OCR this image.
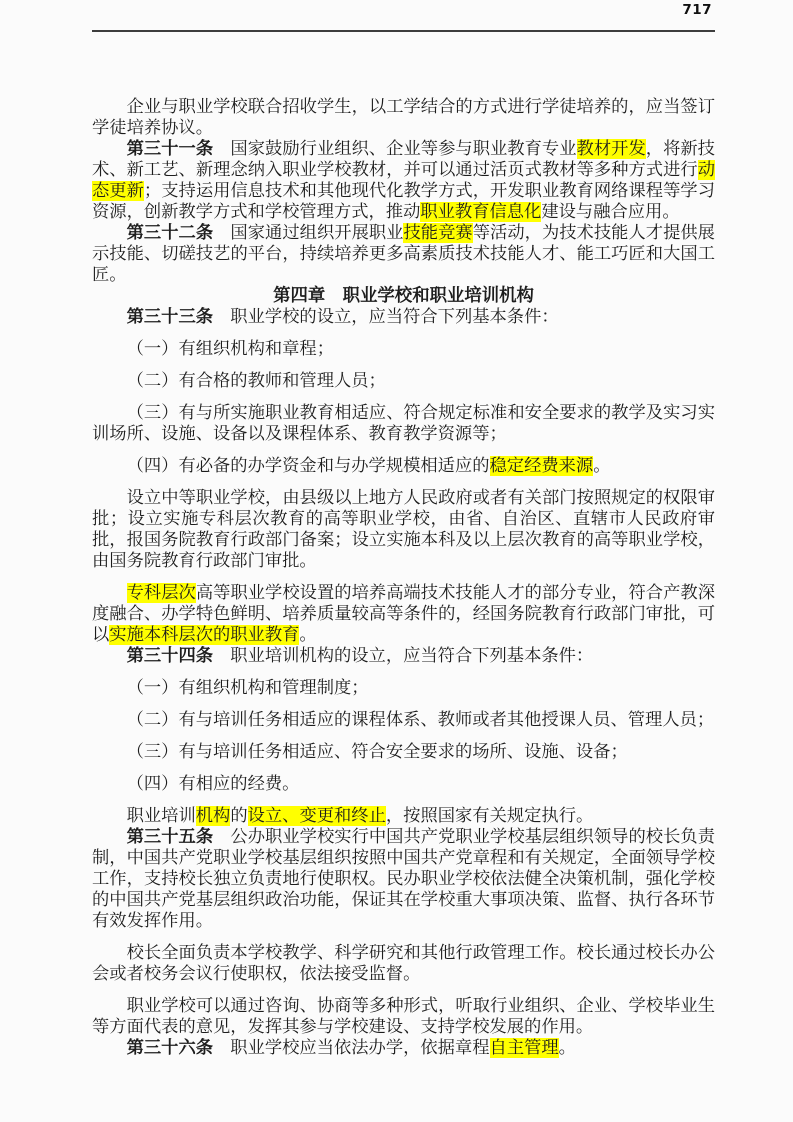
717

企业与职业学校联合招收学生，以工学结合的方式进行学徒培养的，应当签订学徒培养协议。

第三十一条　国家鼓励行业组织、企业等参与职业教育专业教材开发，将新技术、新工艺、新理念纳入职业学校教材，并可以通过活页式教材等多种方式进行动态更新；支持运用信息技术和其他现代化教学方式，开发职业教育网络课程等学习资源，创新教学方式和学校管理方式，推动职业教育信息化建设与融合应用。

第三十二条　国家通过组织开展职业技能竞赛等活动，为技术技能人才提供展示技能、切磋技艺的平台，持续培养更多高素质技术技能人才、能工巧匠和大国工匠。

第四章　职业学校和职业培训机构

第三十三条　职业学校的设立，应当符合下列基本条件：

（一）有组织机构和章程；

（二）有合格的教师和管理人员；

（三）有与所实施职业教育相适应、符合规定标准和安全要求的教学及实习实训场所、设施、设备以及课程体系、教育教学资源等；

（四）有必备的办学资金和与办学规模相适应的稳定经费来源。

设立中等职业学校，由县级以上地方人民政府或者有关部门按照规定的权限审批；设立实施专科层次教育的高等职业学校，由省、自治区、直辖市人民政府审批，报国务院教育行政部门备案；设立实施本科及以上层次教育的高等职业学校，由国务院教育行政部门审批。

专科层次高等职业学校设置的培养高端技术技能人才的部分专业，符合产教深度融合、办学特色鲜明、培养质量较高等条件的，经国务院教育行政部门审批，可以实施本科层次的职业教育。

第三十四条　职业培训机构的设立，应当符合下列基本条件：

（一）有组织机构和管理制度；

（二）有与培训任务相适应的课程体系、教师或者其他授课人员、管理人员；

（三）有与培训任务相适应、符合安全要求的场所、设施、设备；

（四）有相应的经费。

职业培训机构的设立、变更和终止，按照国家有关规定执行。

第三十五条　公办职业学校实行中国共产党职业学校基层组织领导的校长负责制，中国共产党职业学校基层组织按照中国共产党章程和有关规定，全面领导学校工作，支持校长独立负责地行使职权。民办职业学校依法健全决策机制，强化学校的中国共产党基层组织政治功能，保证其在学校重大事项决策、监督、执行各环节有效发挥作用。

校长全面负责本学校教学、科学研究和其他行政管理工作。校长通过校长办公会或者校务会议行使职权，依法接受监督。

职业学校可以通过咨询、协商等多种形式，听取行业组织、企业、学校毕业生等方面代表的意见，发挥其参与学校建设、支持学校发展的作用。

第三十六条　职业学校应当依法办学，依据章程自主管理。
